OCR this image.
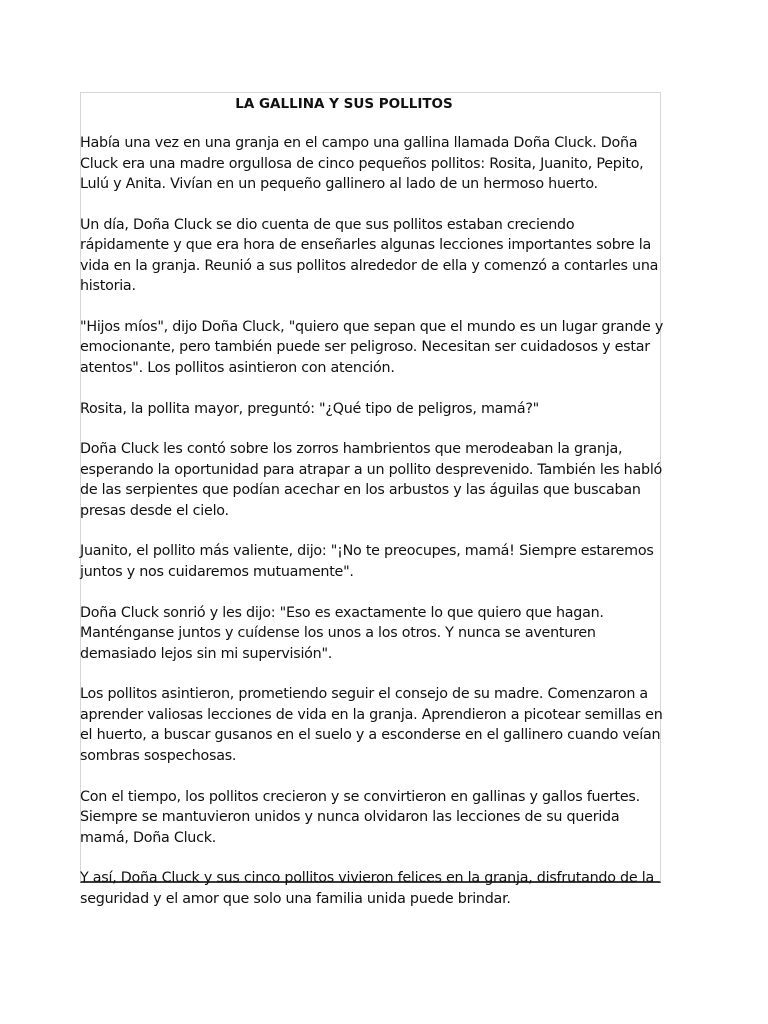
LA GALLINA Y SUS POLLITOS

Había una vez en una granja en el campo una gallina llamada Doña Cluck. Doña Cluck era una madre orgullosa de cinco pequeños pollitos: Rosita, Juanito, Pepito, Lulú y Anita. Vivían en un pequeño gallinero al lado de un hermoso huerto.

Un día, Doña Cluck se dio cuenta de que sus pollitos estaban creciendo rápidamente y que era hora de enseñarles algunas lecciones importantes sobre la vida en la granja. Reunió a sus pollitos alrededor de ella y comenzó a contarles una historia.

"Hijos míos", dijo Doña Cluck, "quiero que sepan que el mundo es un lugar grande y emocionante, pero también puede ser peligroso. Necesitan ser cuidadosos y estar atentos". Los pollitos asintieron con atención.

Rosita, la pollita mayor, preguntó: "¿Qué tipo de peligros, mamá?"

Doña Cluck les contó sobre los zorros hambrientos que merodeaban la granja, esperando la oportunidad para atrapar a un pollito desprevenido. También les habló de las serpientes que podían acechar en los arbustos y las águilas que buscaban presas desde el cielo.

Juanito, el pollito más valiente, dijo: "¡No te preocupes, mamá! Siempre estaremos juntos y nos cuidaremos mutuamente".

Doña Cluck sonrió y les dijo: "Eso es exactamente lo que quiero que hagan. Manténganse juntos y cuídense los unos a los otros. Y nunca se aventuren demasiado lejos sin mi supervisión".

Los pollitos asintieron, prometiendo seguir el consejo de su madre. Comenzaron a aprender valiosas lecciones de vida en la granja. Aprendieron a picotear semillas en el huerto, a buscar gusanos en el suelo y a esconderse en el gallinero cuando veían sombras sospechosas.

Con el tiempo, los pollitos crecieron y se convirtieron en gallinas y gallos fuertes. Siempre se mantuvieron unidos y nunca olvidaron las lecciones de su querida mamá, Doña Cluck.

Y así, Doña Cluck y sus cinco pollitos vivieron felices en la granja, disfrutando de la seguridad y el amor que solo una familia unida puede brindar.
